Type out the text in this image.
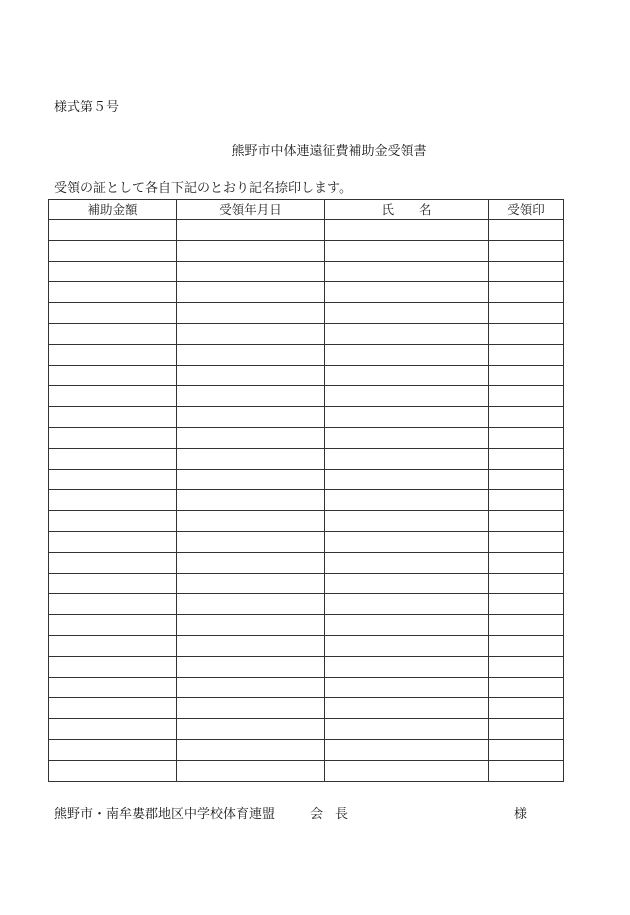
様式第５号
熊野市中体連遠征費補助金受領書
受領の証として各自下記のとおり記名捺印します。
補助金額	受領年月日	氏　　名	受領印

熊野市・南牟婁郡地区中学校体育連盟	会長	様
